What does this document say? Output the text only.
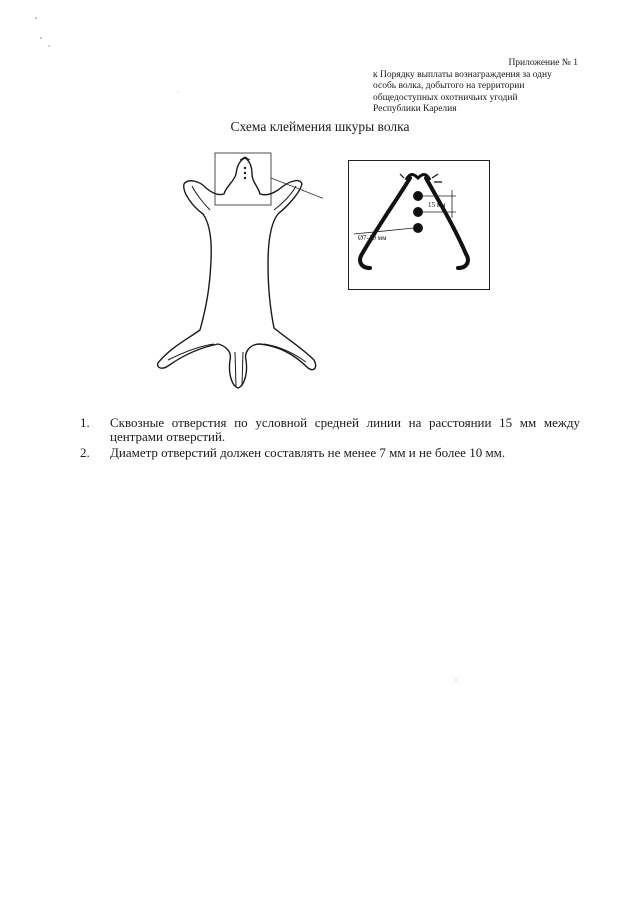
Приложение № 1
к Порядку выплаты вознаграждения за одну
особь волка, добытого на территории
общедоступных охотничьих угодий
Республики Карелия
Схема клеймения шкуры волка
15 мм
Ø7-10 мм
1. Сквозные отверстия по условной средней линии на расстоянии 15 мм между центрами отверстий.
2. Диаметр отверстий должен составлять не менее 7 мм и не более 10 мм.
